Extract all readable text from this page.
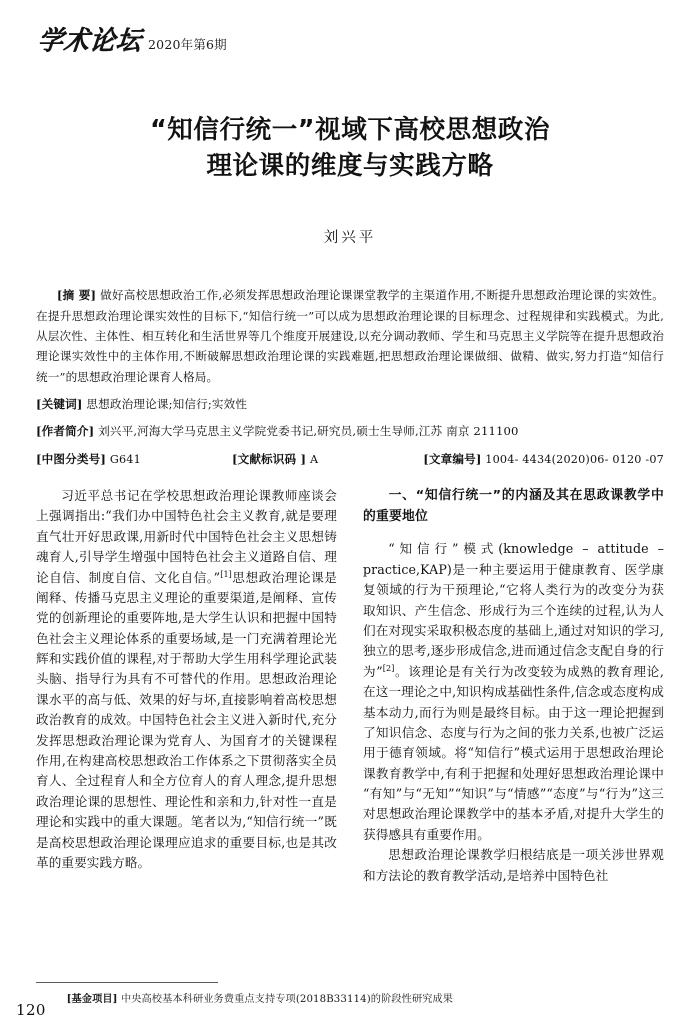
学术论坛 2020年第6期
“知信行统一”视域下高校思想政治
理论课的维度与实践方略
刘兴平
[摘 要] 做好高校思想政治工作,必须发挥思想政治理论课课堂教学的主渠道作用,不断提升思想政治理论课的实效性。在提升思想政治理论课实效性的目标下,“知信行统一”可以成为思想政治理论课的目标理念、过程规律和实践模式。为此,从层次性、主体性、相互转化和生活世界等几个维度开展建设,以充分调动教师、学生和马克思主义学院等在提升思想政治理论课实效性中的主体作用,不断破解思想政治理论课的实践难题,把思想政治理论课做细、做精、做实,努力打造“知信行统一”的思想政治理论课育人格局。
[关键词] 思想政治理论课;知信行;实效性
[作者简介] 刘兴平,河海大学马克思主义学院党委书记,研究员,硕士生导师,江苏 南京 211100
[中图分类号] G641	[文献标识码 ] A	[文章编号] 1004- 4434(2020)06- 0120 -07

习近平总书记在学校思想政治理论课教师座谈会上强调指出:“我们办中国特色社会主义教育,就是要理直气壮开好思政课,用新时代中国特色社会主义思想铸魂育人,引导学生增强中国特色社会主义道路自信、理论自信、制度自信、文化自信。”[1]思想政治理论课是阐释、传播马克思主义理论的重要渠道,是阐释、宣传党的创新理论的重要阵地,是大学生认识和把握中国特色社会主义理论体系的重要场域,是一门充满着理论光辉和实践价值的课程,对于帮助大学生用科学理论武装头脑、指导行为具有不可替代的作用。思想政治理论课水平的高与低、效果的好与坏,直接影响着高校思想政治教育的成效。中国特色社会主义进入新时代,充分发挥思想政治理论课为党育人、为国育才的关键课程作用,在构建高校思想政治工作体系之下贯彻落实全员育人、全过程育人和全方位育人的育人理念,提升思想政治理论课的思想性、理论性和亲和力,针对性一直是理论和实践中的重大课题。笔者以为,“知信行统一”既是高校思想政治理论课理应追求的重要目标,也是其改革的重要实践方略。

一、“知信行统一”的内涵及其在思政课教学中的重要地位

“知信行”模式(knowledge – attitude – practice,KAP)是一种主要运用于健康教育、医学康复领域的行为干预理论,“它将人类行为的改变分为获取知识、产生信念、形成行为三个连续的过程,认为人们在对现实采取积极态度的基础上,通过对知识的学习,独立的思考,逐步形成信念,进而通过信念支配自身的行为”[2]。该理论是有关行为改变较为成熟的教育理论,在这一理论之中,知识构成基础性条件,信念或态度构成基本动力,而行为则是最终目标。由于这一理论把握到了知识信念、态度与行为之间的张力关系,也被广泛运用于德育领域。将“知信行”模式运用于思想政治理论课教育教学中,有利于把握和处理好思想政治理论课中“有知”与“无知”“知识”与“情感”“态度”与“行为”这三对思想政治理论课教学中的基本矛盾,对提升大学生的获得感具有重要作用。

思想政治理论课教学归根结底是一项关涉世界观和方法论的教育教学活动,是培养中国特色社

[基金项目] 中央高校基本科研业务费重点支持专项(2018B33114)的阶段性研究成果
120
